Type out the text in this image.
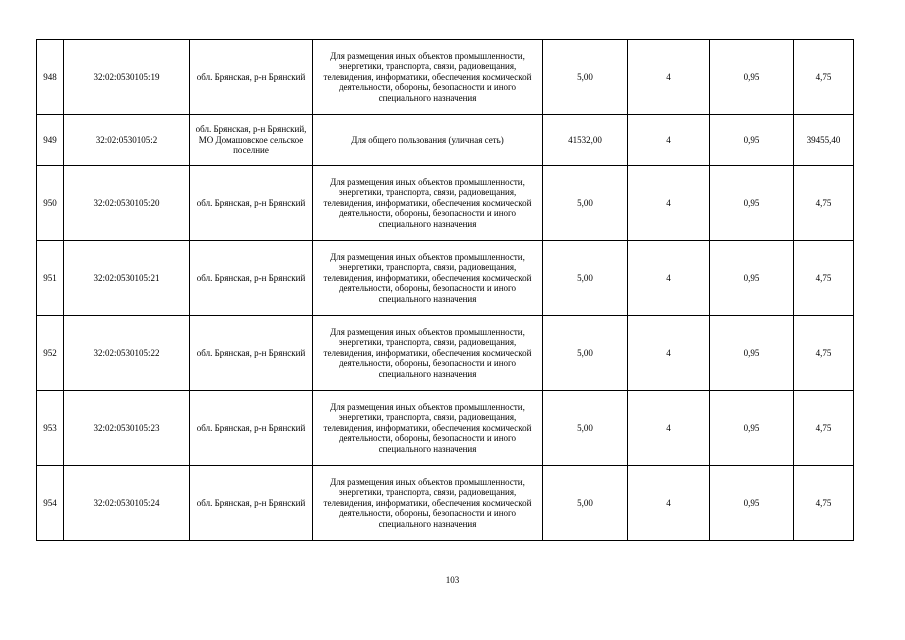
948	32:02:0530105:19	обл. Брянская, р-н Брянский	Для размещения иных объектов промышленности, энергетики, транспорта, связи, радиовещания, телевидения, информатики, обеспечения космической деятельности, обороны, безопасности и иного специального назначения	5,00	4	0,95	4,75
949	32:02:0530105:2	обл. Брянская, р-н Брянский, МО Домашовское сельское поселние	Для общего пользования (уличная сеть)	41532,00	4	0,95	39455,40
950	32:02:0530105:20	обл. Брянская, р-н Брянский	Для размещения иных объектов промышленности, энергетики, транспорта, связи, радиовещания, телевидения, информатики, обеспечения космической деятельности, обороны, безопасности и иного специального назначения	5,00	4	0,95	4,75
951	32:02:0530105:21	обл. Брянская, р-н Брянский	Для размещения иных объектов промышленности, энергетики, транспорта, связи, радиовещания, телевидения, информатики, обеспечения космической деятельности, обороны, безопасности и иного специального назначения	5,00	4	0,95	4,75
952	32:02:0530105:22	обл. Брянская, р-н Брянский	Для размещения иных объектов промышленности, энергетики, транспорта, связи, радиовещания, телевидения, информатики, обеспечения космической деятельности, обороны, безопасности и иного специального назначения	5,00	4	0,95	4,75
953	32:02:0530105:23	обл. Брянская, р-н Брянский	Для размещения иных объектов промышленности, энергетики, транспорта, связи, радиовещания, телевидения, информатики, обеспечения космической деятельности, обороны, безопасности и иного специального назначения	5,00	4	0,95	4,75
954	32:02:0530105:24	обл. Брянская, р-н Брянский	Для размещения иных объектов промышленности, энергетики, транспорта, связи, радиовещания, телевидения, информатики, обеспечения космической деятельности, обороны, безопасности и иного специального назначения	5,00	4	0,95	4,75
103
